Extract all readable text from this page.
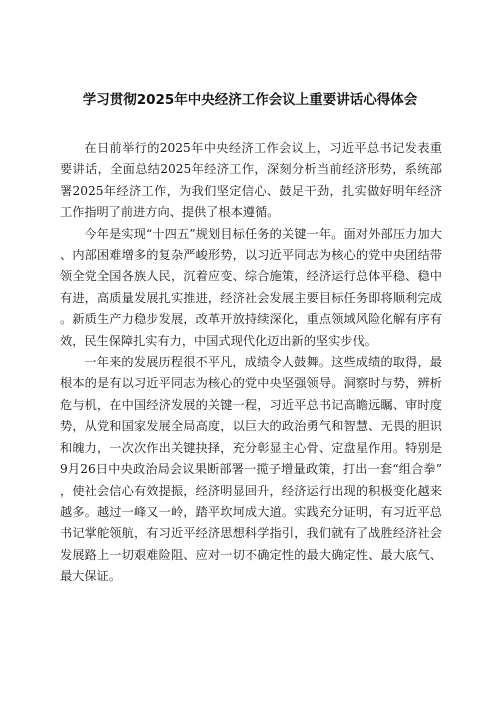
学习贯彻2025年中央经济工作会议上重要讲话心得体会

在日前举行的2025年中央经济工作会议上，习近平总书记发表重要讲话，全面总结2025年经济工作，深刻分析当前经济形势，系统部署2025年经济工作，为我们坚定信心、鼓足干劲，扎实做好明年经济工作指明了前进方向、提供了根本遵循。

今年是实现“十四五”规划目标任务的关键一年。面对外部压力加大、内部困难增多的复杂严峻形势，以习近平同志为核心的党中央团结带领全党全国各族人民，沉着应变、综合施策，经济运行总体平稳、稳中有进，高质量发展扎实推进，经济社会发展主要目标任务即将顺利完成。新质生产力稳步发展，改革开放持续深化，重点领域风险化解有序有效，民生保障扎实有力，中国式现代化迈出新的坚实步伐。

一年来的发展历程很不平凡，成绩令人鼓舞。这些成绩的取得，最根本的是有以习近平同志为核心的党中央坚强领导。洞察时与势，辨析危与机，在中国经济发展的关键一程，习近平总书记高瞻远瞩、审时度势，从党和国家发展全局高度，以巨大的政治勇气和智慧、无畏的胆识和魄力，一次次作出关键抉择，充分彰显主心骨、定盘星作用。特别是9月26日中央政治局会议果断部署一揽子增量政策，打出一套“组合拳”，使社会信心有效提振，经济明显回升，经济运行出现的积极变化越来越多。越过一峰又一岭，踏平坎坷成大道。实践充分证明，有习近平总书记掌舵领航，有习近平经济思想科学指引，我们就有了战胜经济社会发展路上一切艰难险阻、应对一切不确定性的最大确定性、最大底气、最大保证。
